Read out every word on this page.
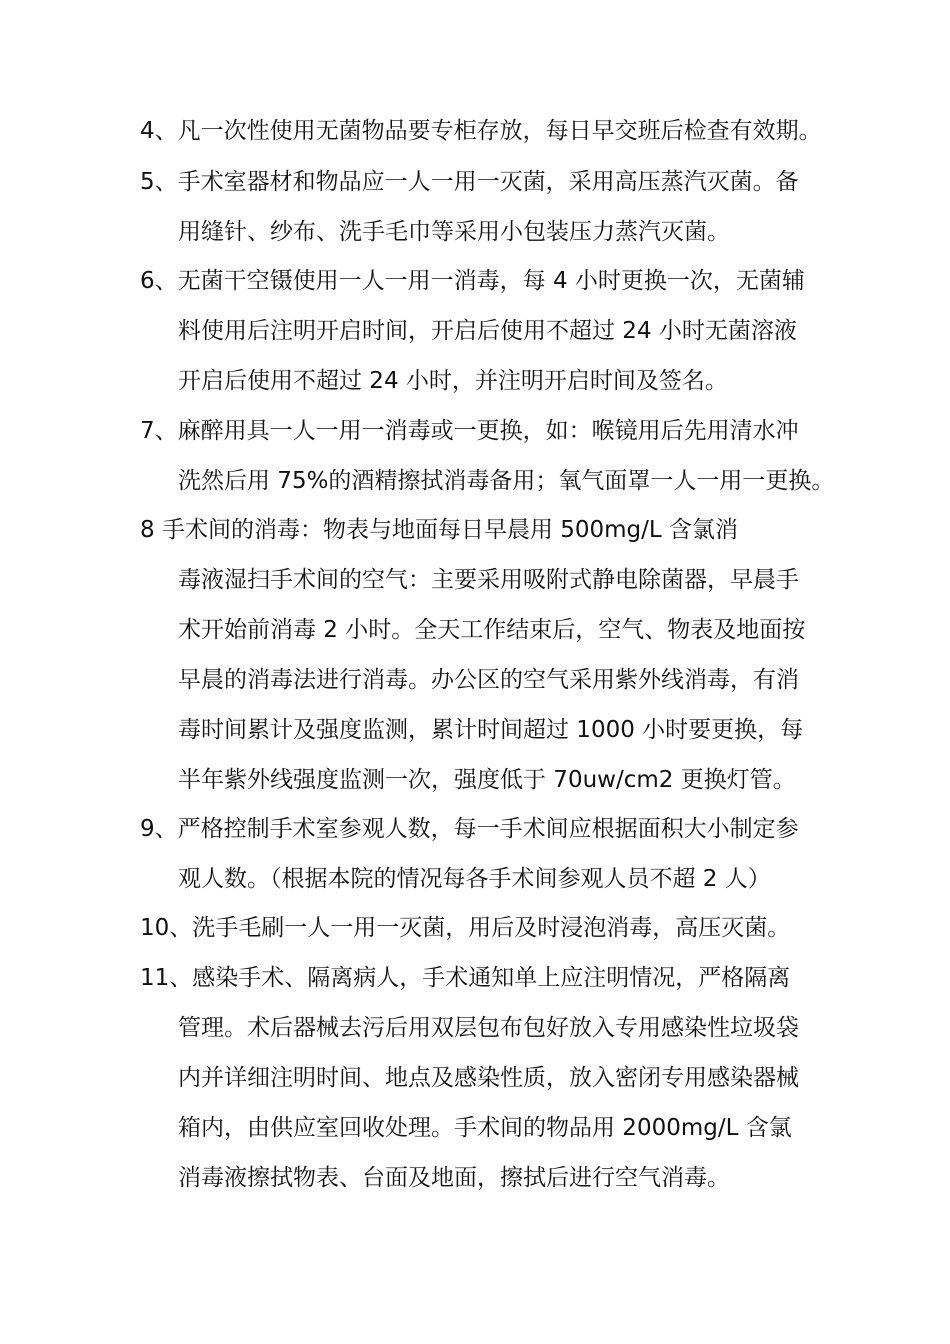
4、凡一次性使用无菌物品要专柜存放，每日早交班后检查有效期。
5、手术室器材和物品应一人一用一灭菌，采用高压蒸汽灭菌。备
用缝针、纱布、洗手毛巾等采用小包装压力蒸汽灭菌。
6、无菌干空镊使用一人一用一消毒，每 4 小时更换一次，无菌辅
料使用后注明开启时间，开启后使用不超过 24 小时无菌溶液
开启后使用不超过 24 小时，并注明开启时间及签名。
7、麻醉用具一人一用一消毒或一更换，如：喉镜用后先用清水冲
洗然后用 75%的酒精擦拭消毒备用；氧气面罩一人一用一更换。
8 手术间的消毒：物表与地面每日早晨用 500mg/L 含氯消
毒液湿扫手术间的空气：主要采用吸附式静电除菌器，早晨手
术开始前消毒 2 小时。全天工作结束后，空气、物表及地面按
早晨的消毒法进行消毒。办公区的空气采用紫外线消毒，有消
毒时间累计及强度监测，累计时间超过 1000 小时要更换，每
半年紫外线强度监测一次，强度低于 70uw/cm2 更换灯管。
9、严格控制手术室参观人数，每一手术间应根据面积大小制定参
观人数。（根据本院的情况每各手术间参观人员不超 2 人）
10、洗手毛刷一人一用一灭菌，用后及时浸泡消毒，高压灭菌。
11、感染手术、隔离病人，手术通知单上应注明情况，严格隔离
管理。术后器械去污后用双层包布包好放入专用感染性垃圾袋
内并详细注明时间、地点及感染性质，放入密闭专用感染器械
箱内，由供应室回收处理。手术间的物品用 2000mg/L 含氯
消毒液擦拭物表、台面及地面，擦拭后进行空气消毒。
